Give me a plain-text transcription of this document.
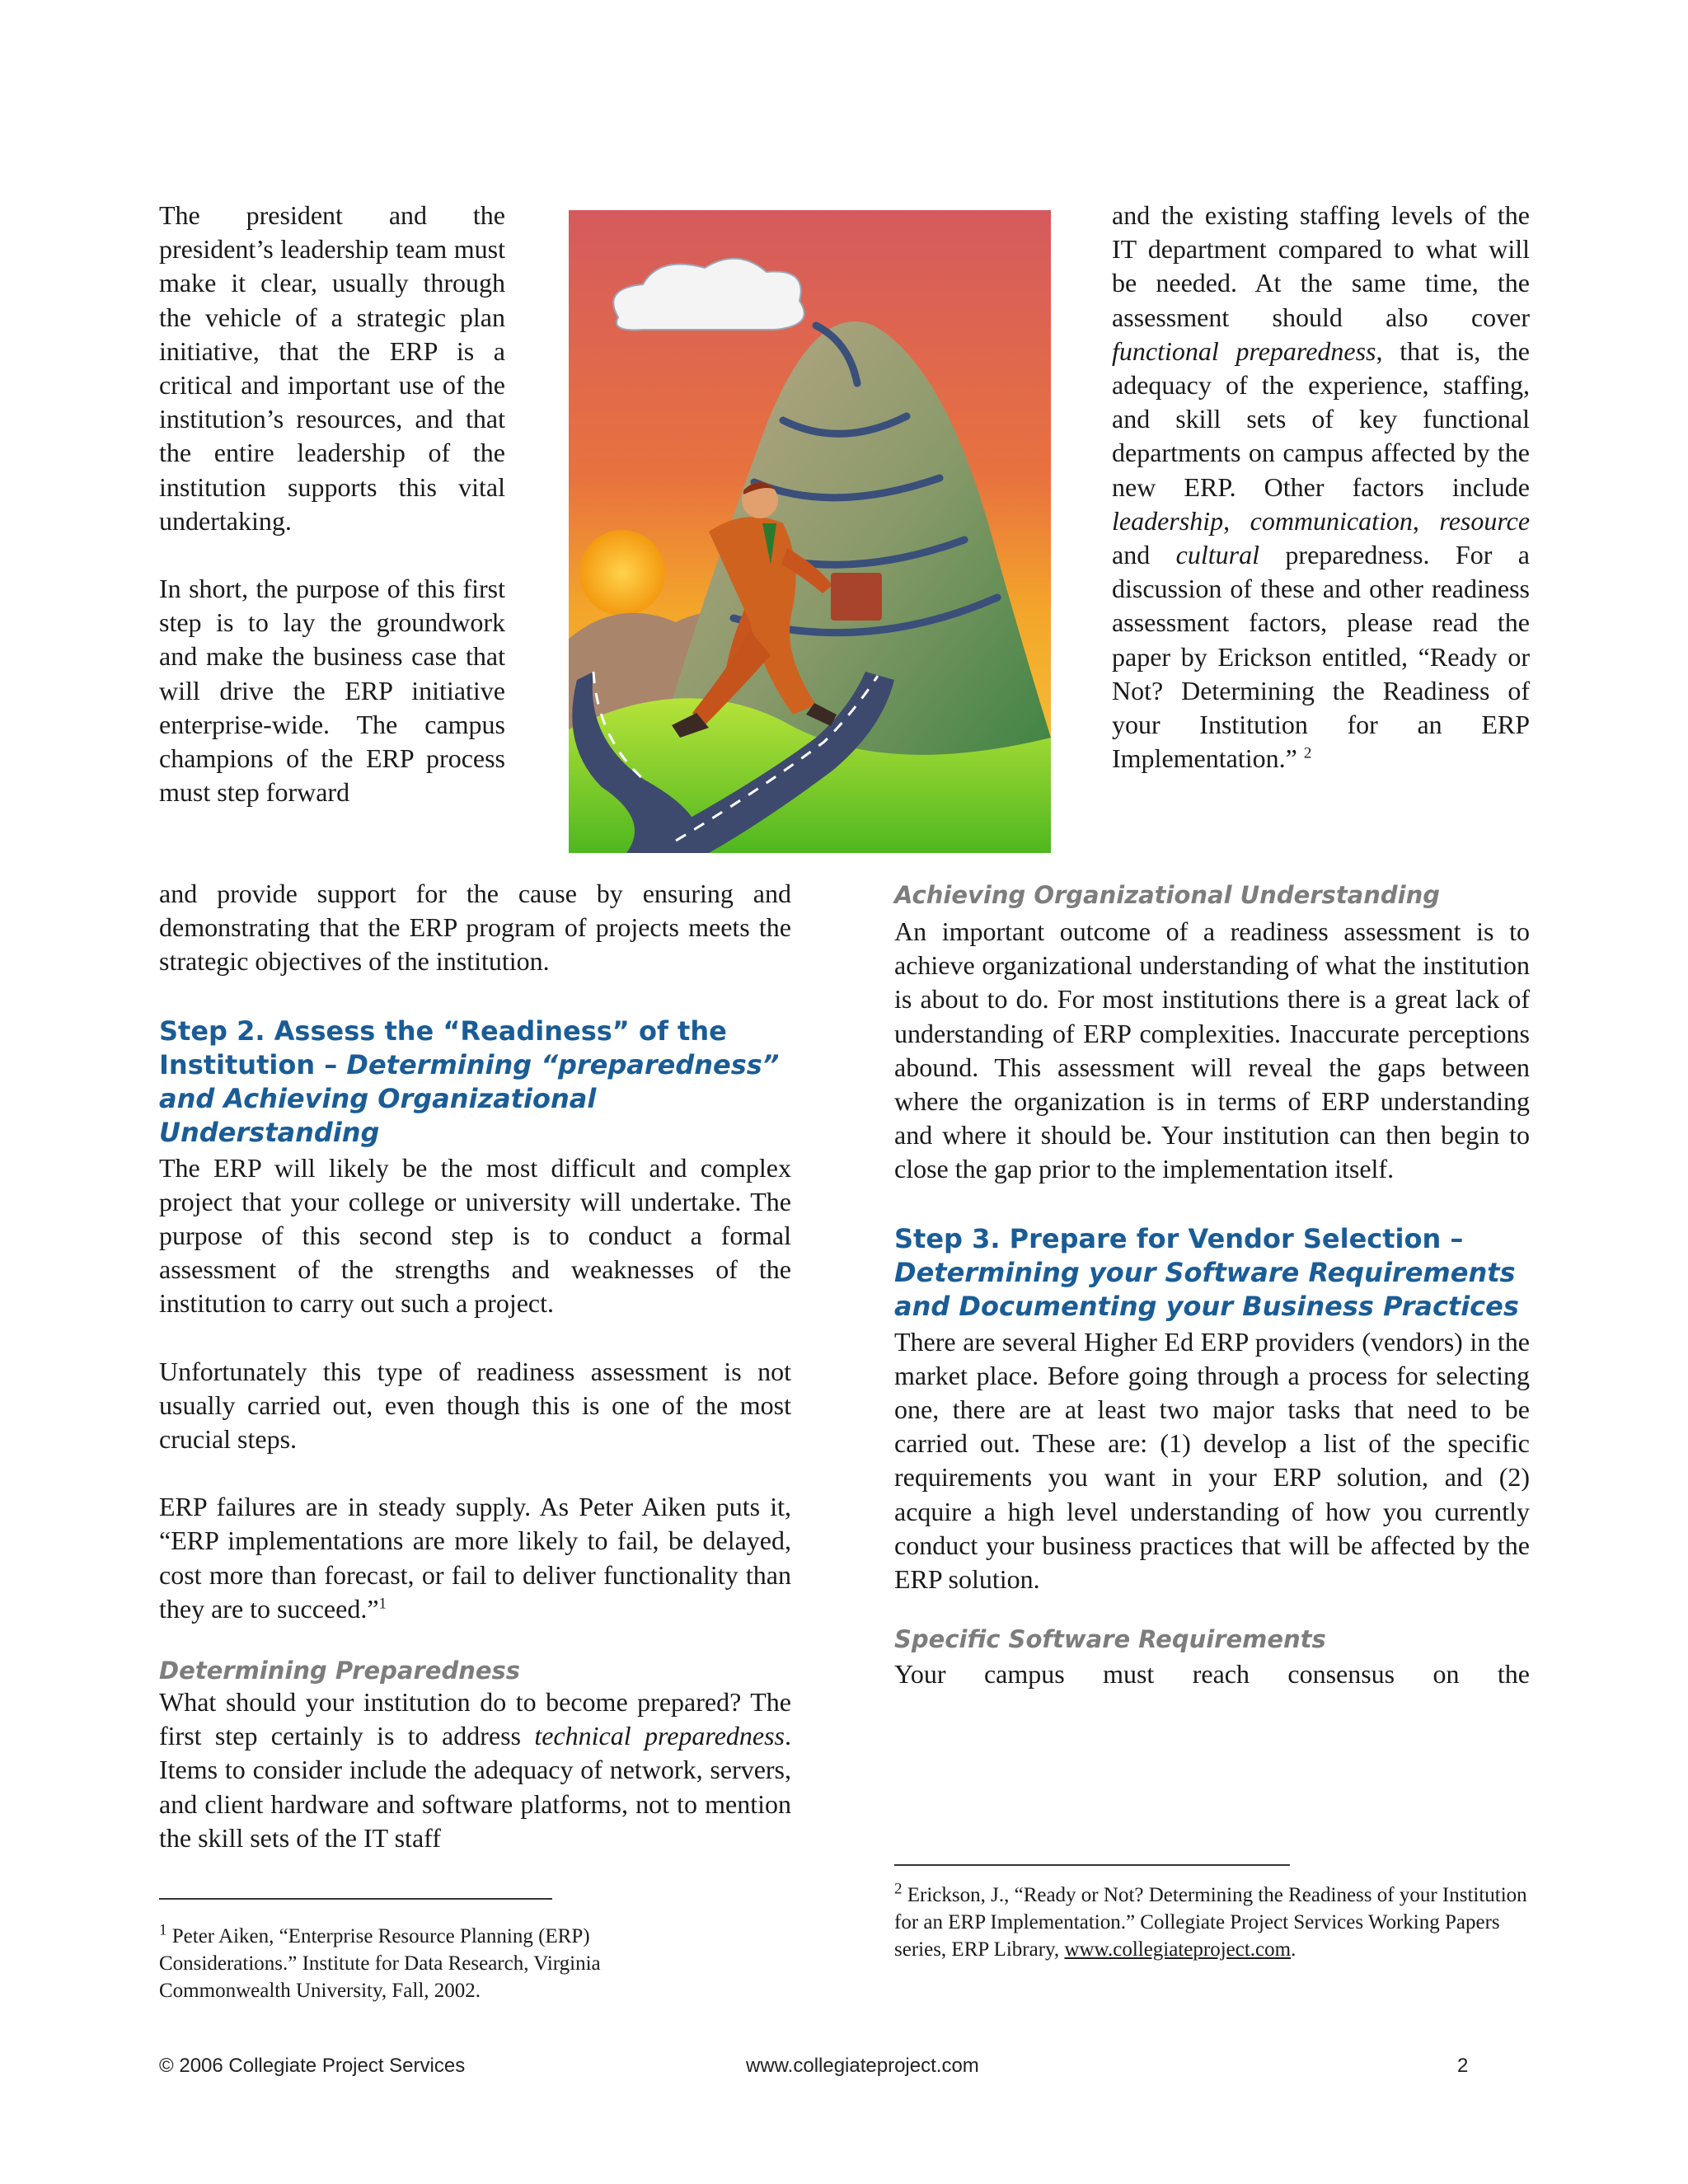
The president and the president’s leadership team must make it clear, usually through the vehicle of a strategic plan initiative, that the ERP is a critical and important use of the institution’s resources, and that the entire leadership of the institution supports this vital undertaking.

In short, the purpose of this first step is to lay the groundwork and make the business case that will drive the ERP initiative enterprise-wide. The campus champions of the ERP process must step forward

and provide support for the cause by ensuring and demonstrating that the ERP program of projects meets the strategic objectives of the institution.

Step 2. Assess the “Readiness” of the Institution – Determining “preparedness” and Achieving Organizational Understanding

The ERP will likely be the most difficult and complex project that your college or university will undertake. The purpose of this second step is to conduct a formal assessment of the strengths and weaknesses of the institution to carry out such a project.

Unfortunately this type of readiness assessment is not usually carried out, even though this is one of the most crucial steps.

ERP failures are in steady supply. As Peter Aiken puts it, “ERP implementations are more likely to fail, be delayed, cost more than forecast, or fail to deliver functionality than they are to succeed.”$^1$

Determining Preparedness

What should your institution do to become prepared? The first step certainly is to address technical preparedness. Items to consider include the adequacy of network, servers, and client hardware and software platforms, not to mention the skill sets of the IT staff

$^1$ Peter Aiken, “Enterprise Resource Planning (ERP) Considerations.” Institute for Data Research, Virginia Commonwealth University, Fall, 2002.

and the existing staffing levels of the IT department compared to what will be needed. At the same time, the assessment should also cover functional preparedness, that is, the adequacy of the experience, staffing, and skill sets of key functional departments on campus affected by the new ERP. Other factors include leadership, communication, resource and cultural preparedness. For a discussion of these and other readiness assessment factors, please read the paper by Erickson entitled, “Ready or Not? Determining the Readiness of your Institution for an ERP Implementation.” $^2$

Achieving Organizational Understanding

An important outcome of a readiness assessment is to achieve organizational understanding of what the institution is about to do. For most institutions there is a great lack of understanding of ERP complexities. Inaccurate perceptions abound. This assessment will reveal the gaps between where the organization is in terms of ERP understanding and where it should be. Your institution can then begin to close the gap prior to the implementation itself.

Step 3. Prepare for Vendor Selection – Determining your Software Requirements and Documenting your Business Practices

There are several Higher Ed ERP providers (vendors) in the market place. Before going through a process for selecting one, there are at least two major tasks that need to be carried out. These are: (1) develop a list of the specific requirements you want in your ERP solution, and (2) acquire a high level understanding of how you currently conduct your business practices that will be affected by the ERP solution.

Specific Software Requirements

Your campus must reach consensus on the

$^2$ Erickson, J., “Ready or Not? Determining the Readiness of your Institution for an ERP Implementation.” Collegiate Project Services Working Papers series, ERP Library, www.collegiateproject.com.
© 2006 Collegiate Project Services	www.collegiateproject.com	2
